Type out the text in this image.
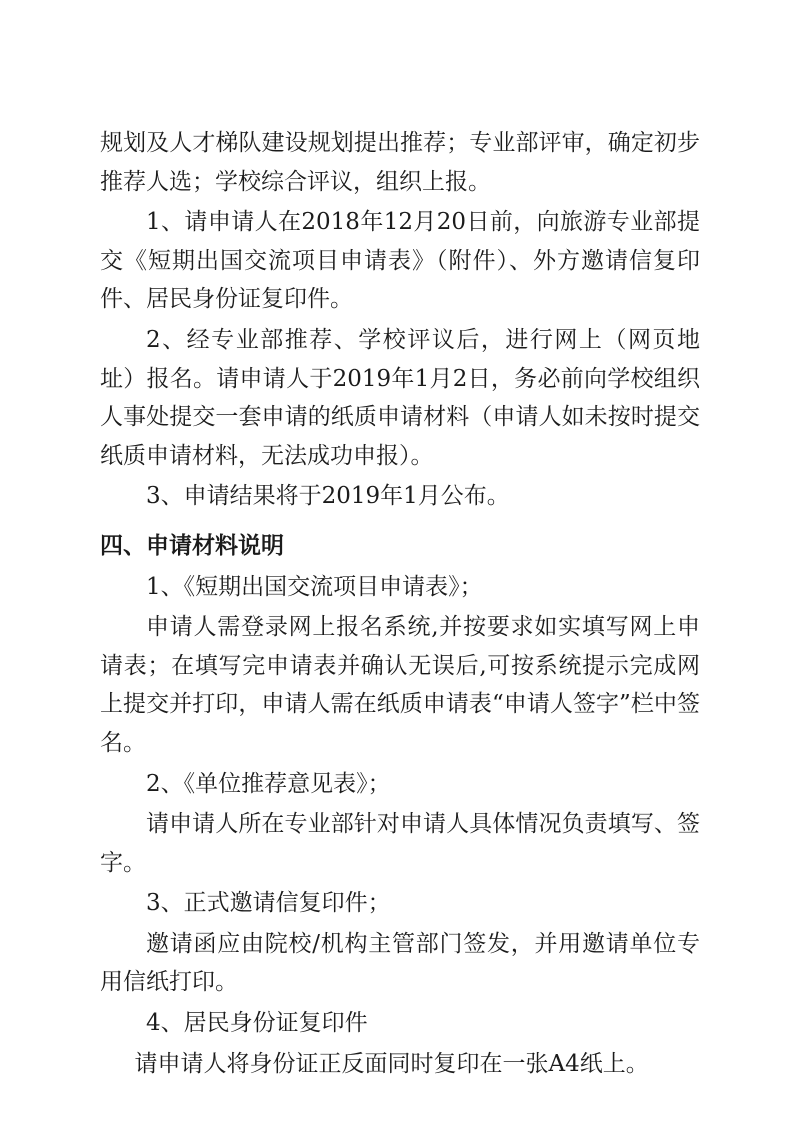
规划及人才梯队建设规划提出推荐；专业部评审，确定初步推荐人选；学校综合评议，组织上报。

1、请申请人在2018年12月20日前，向旅游专业部提交《短期出国交流项目申请表》（附件）、外方邀请信复印件、居民身份证复印件。

2、经专业部推荐、学校评议后，进行网上（网页地址）报名。请申请人于2019年1月2日，务必前向学校组织人事处提交一套申请的纸质申请材料（申请人如未按时提交纸质申请材料，无法成功申报）。

3、申请结果将于2019年1月公布。

四、申请材料说明

1、《短期出国交流项目申请表》；

申请人需登录网上报名系统,并按要求如实填写网上申请表；在填写完申请表并确认无误后,可按系统提示完成网上提交并打印，申请人需在纸质申请表“申请人签字”栏中签名。

2、《单位推荐意见表》；

请申请人所在专业部针对申请人具体情况负责填写、签字。

3、正式邀请信复印件；

邀请函应由院校/机构主管部门签发，并用邀请单位专用信纸打印。

4、居民身份证复印件

请申请人将身份证正反面同时复印在一张A4纸上。
